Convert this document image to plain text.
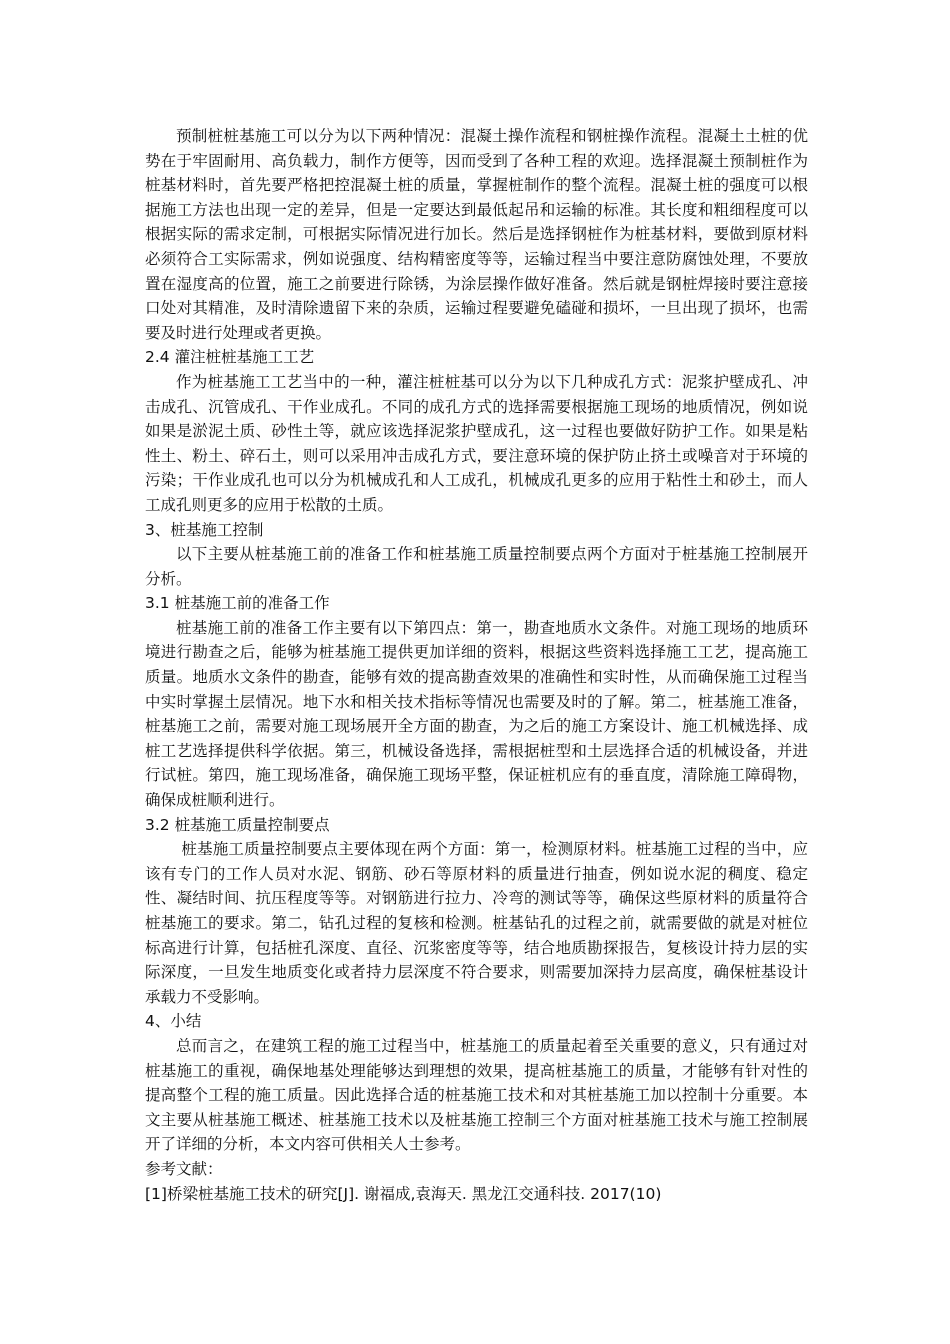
预制桩桩基施工可以分为以下两种情况：混凝土操作流程和钢桩操作流程。混凝土土桩的优势在于牢固耐用、高负载力，制作方便等，因而受到了各种工程的欢迎。选择混凝土预制桩作为桩基材料时，首先要严格把控混凝土桩的质量，掌握桩制作的整个流程。混凝土桩的强度可以根据施工方法也出现一定的差异，但是一定要达到最低起吊和运输的标准。其长度和粗细程度可以根据实际的需求定制，可根据实际情况进行加长。然后是选择钢桩作为桩基材料，要做到原材料必须符合工实际需求，例如说强度、结构精密度等等，运输过程当中要注意防腐蚀处理，不要放置在湿度高的位置，施工之前要进行除锈，为涂层操作做好准备。然后就是钢桩焊接时要注意接口处对其精准，及时清除遗留下来的杂质，运输过程要避免磕碰和损坏，一旦出现了损坏，也需要及时进行处理或者更换。

2.4 灌注桩桩基施工工艺

作为桩基施工工艺当中的一种，灌注桩桩基可以分为以下几种成孔方式：泥浆护壁成孔、冲击成孔、沉管成孔、干作业成孔。不同的成孔方式的选择需要根据施工现场的地质情况，例如说如果是淤泥土质、砂性土等，就应该选择泥浆护壁成孔，这一过程也要做好防护工作。如果是粘性土、粉土、碎石土，则可以采用冲击成孔方式，要注意环境的保护防止挤土或噪音对于环境的污染；干作业成孔也可以分为机械成孔和人工成孔，机械成孔更多的应用于粘性土和砂土，而人工成孔则更多的应用于松散的土质。

3、桩基施工控制

以下主要从桩基施工前的准备工作和桩基施工质量控制要点两个方面对于桩基施工控制展开分析。

3.1 桩基施工前的准备工作

桩基施工前的准备工作主要有以下第四点：第一，勘查地质水文条件。对施工现场的地质环境进行勘查之后，能够为桩基施工提供更加详细的资料，根据这些资料选择施工工艺，提高施工质量。地质水文条件的勘查，能够有效的提高勘查效果的准确性和实时性，从而确保施工过程当中实时掌握土层情况。地下水和相关技术指标等情况也需要及时的了解。第二，桩基施工准备，桩基施工之前，需要对施工现场展开全方面的勘查，为之后的施工方案设计、施工机械选择、成桩工艺选择提供科学依据。第三，机械设备选择，需根据桩型和土层选择合适的机械设备，并进行试桩。第四，施工现场准备，确保施工现场平整，保证桩机应有的垂直度，清除施工障碍物，确保成桩顺利进行。

3.2 桩基施工质量控制要点

桩基施工质量控制要点主要体现在两个方面：第一，检测原材料。桩基施工过程的当中，应该有专门的工作人员对水泥、钢筋、砂石等原材料的质量进行抽查，例如说水泥的稠度、稳定性、凝结时间、抗压程度等等。对钢筋进行拉力、冷弯的测试等等，确保这些原材料的质量符合桩基施工的要求。第二，钻孔过程的复核和检测。桩基钻孔的过程之前，就需要做的就是对桩位标高进行计算，包括桩孔深度、直径、沉浆密度等等，结合地质勘探报告，复核设计持力层的实际深度，一旦发生地质变化或者持力层深度不符合要求，则需要加深持力层高度，确保桩基设计承载力不受影响。

4、小结

总而言之，在建筑工程的施工过程当中，桩基施工的质量起着至关重要的意义，只有通过对桩基施工的重视，确保地基处理能够达到理想的效果，提高桩基施工的质量，才能够有针对性的提高整个工程的施工质量。因此选择合适的桩基施工技术和对其桩基施工加以控制十分重要。本文主要从桩基施工概述、桩基施工技术以及桩基施工控制三个方面对桩基施工技术与施工控制展开了详细的分析，本文内容可供相关人士参考。

参考文献：

[1]桥梁桩基施工技术的研究[J]. 谢福成,袁海天. 黑龙江交通科技. 2017(10)
